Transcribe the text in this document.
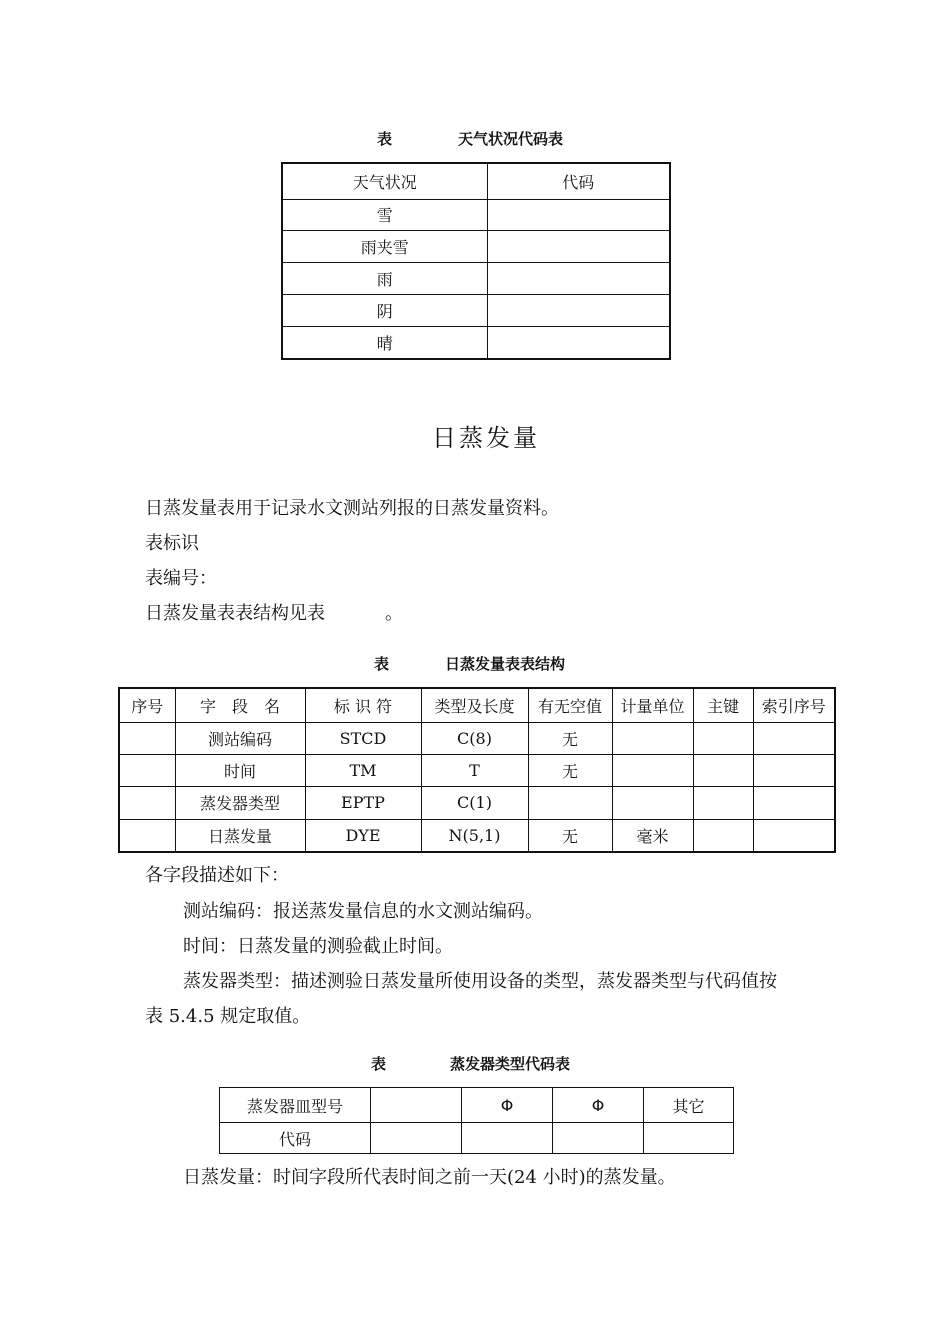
表	天气状况代码表
天气状况	代码
雪	
雨夹雪	
雨	
阴	
晴	
日蒸发量
日蒸发量表用于记录水文测站列报的日蒸发量资料。
表标识
表编号：
日蒸发量表表结构见表	。
表	日蒸发量表表结构
序号	字　段　名	标 识 符	类型及长度	有无空值	计量单位	主键	索引序号
	测站编码	STCD	C(8)	无			
	时间	TM	T	无			
	蒸发器类型	EPTP	C(1)				
	日蒸发量	DYE	N(5,1)	无	毫米		
各字段描述如下：
测站编码：报送蒸发量信息的水文测站编码。
时间：日蒸发量的测验截止时间。
蒸发器类型：描述测验日蒸发量所使用设备的类型，蒸发器类型与代码值按
表 5.4.5 规定取值。
表	蒸发器类型代码表
蒸发器皿型号		Φ	Φ	其它
代码				
日蒸发量：时间字段所代表时间之前一天(24 小时)的蒸发量。
